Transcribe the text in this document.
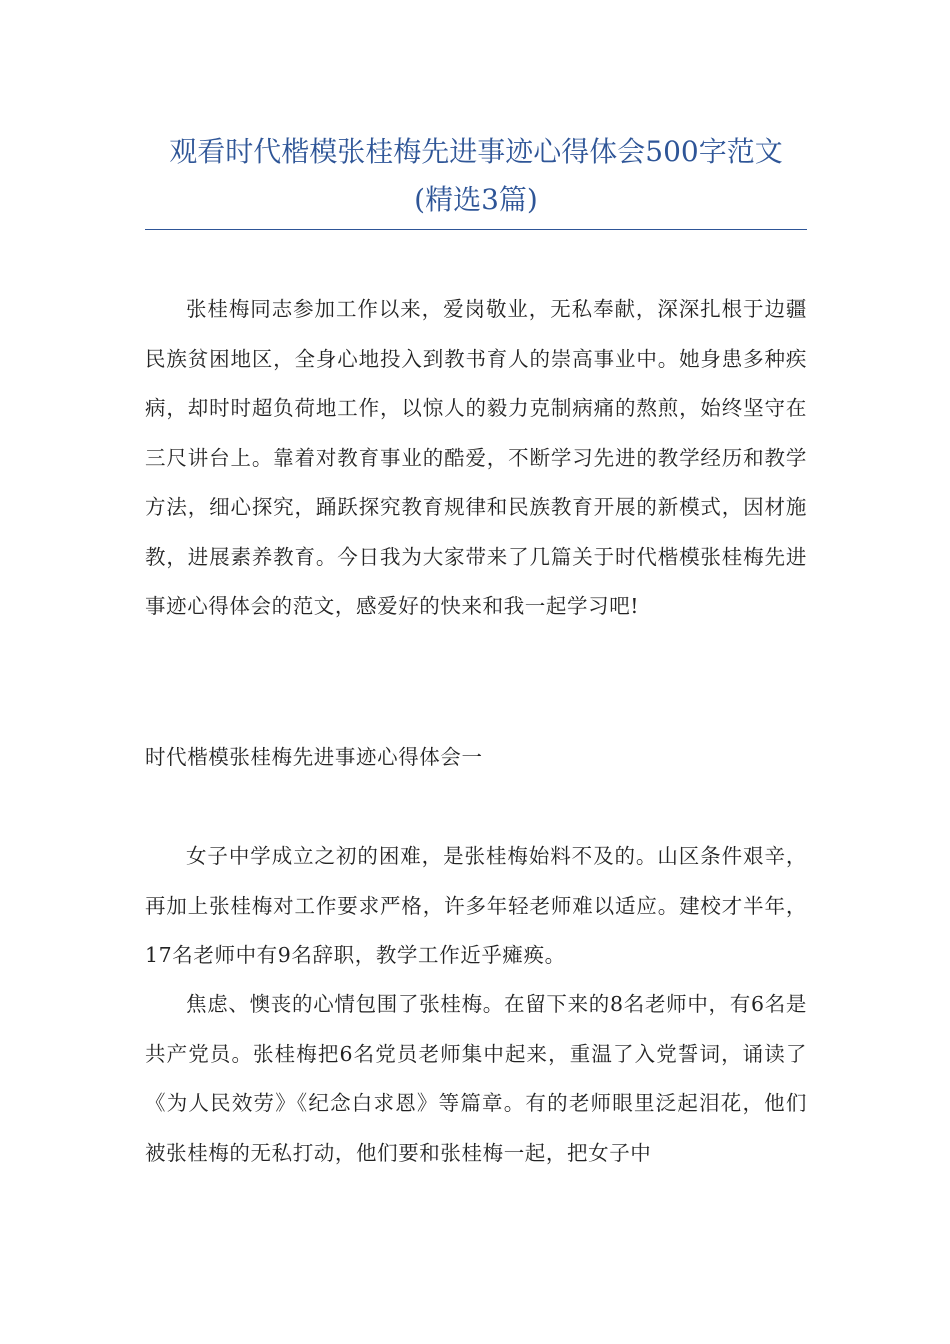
观看时代楷模张桂梅先进事迹心得体会500字范文
(精选3篇)

张桂梅同志参加工作以来，爱岗敬业，无私奉献，深深扎根于边疆民族贫困地区，全身心地投入到教书育人的崇高事业中。她身患多种疾病，却时时超负荷地工作，以惊人的毅力克制病痛的熬煎，始终坚守在三尺讲台上。靠着对教育事业的酷爱，不断学习先进的教学经历和教学方法，细心探究，踊跃探究教育规律和民族教育开展的新模式，因材施教，进展素养教育。今日我为大家带来了几篇关于时代楷模张桂梅先进事迹心得体会的范文，感爱好的快来和我一起学习吧!

时代楷模张桂梅先进事迹心得体会一

女子中学成立之初的困难，是张桂梅始料不及的。山区条件艰辛，再加上张桂梅对工作要求严格，许多年轻老师难以适应。建校才半年，17名老师中有9名辞职，教学工作近乎瘫痪。

焦虑、懊丧的心情包围了张桂梅。在留下来的8名老师中，有6名是共产党员。张桂梅把6名党员老师集中起来，重温了入党誓词，诵读了《为人民效劳》《纪念白求恩》等篇章。有的老师眼里泛起泪花，他们被张桂梅的无私打动，他们要和张桂梅一起，把女子中
